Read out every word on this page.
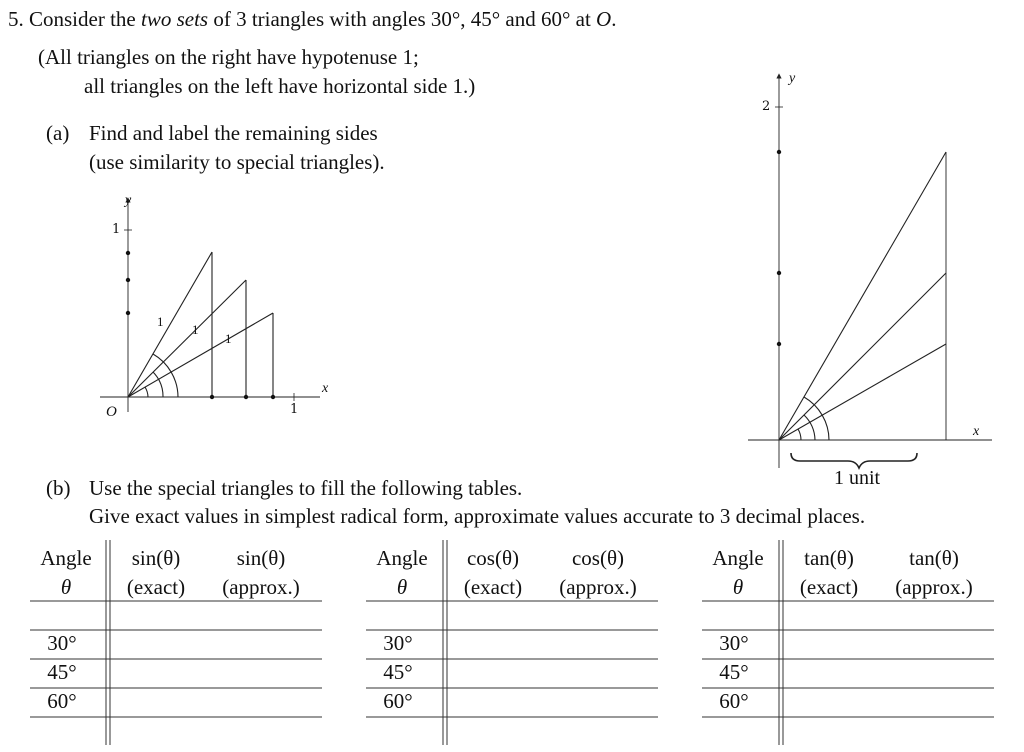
5. Consider the two sets of 3 triangles with angles 30°, 45° and 60° at O.
(All triangles on the right have hypotenuse 1;
all triangles on the left have horizontal side 1.)
(a) Find and label the remaining sides
(use similarity to special triangles).
(b) Use the special triangles to fill the following tables.
Give exact values in simplest radical form, approximate values accurate to 3 decimal places.
y
1
x
1
O
1
1
1
y
2
x
1 unit
Angle
θ
sin(θ)
(exact)
sin(θ)
(approx.)
30°
45°
60°
Angle
θ
cos(θ)
(exact)
cos(θ)
(approx.)
30°
45°
60°
Angle
θ
tan(θ)
(exact)
tan(θ)
(approx.)
30°
45°
60°
